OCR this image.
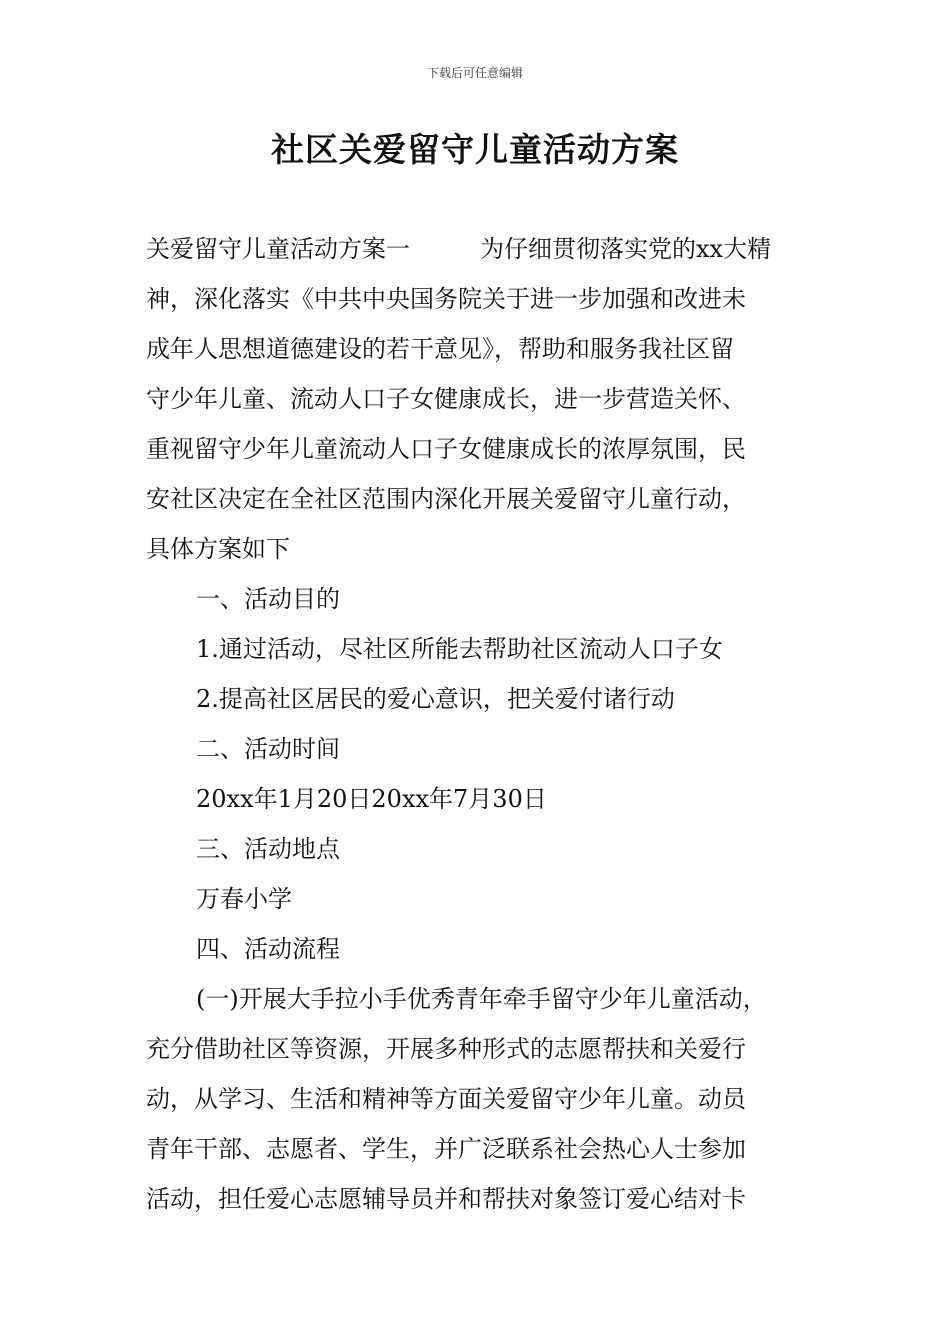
下载后可任意编辑
社区关爱留守儿童活动方案

关爱留守儿童活动方案一	为仔细贯彻落实党的xx大精

神，深化落实《中共中央国务院关于进一步加强和改进未

成年人思想道德建设的若干意见》，帮助和服务我社区留

守少年儿童、流动人口子女健康成长，进一步营造关怀、

重视留守少年儿童流动人口子女健康成长的浓厚氛围，民

安社区决定在全社区范围内深化开展关爱留守儿童行动，

具体方案如下

一、活动目的

1.通过活动，尽社区所能去帮助社区流动人口子女

2.提高社区居民的爱心意识，把关爱付诸行动

二、活动时间

20xx年1月20日20xx年7月30日

三、活动地点

万春小学

四、活动流程

(一)开展大手拉小手优秀青年牵手留守少年儿童活动，

充分借助社区等资源，开展多种形式的志愿帮扶和关爱行

动，从学习、生活和精神等方面关爱留守少年儿童。动员

青年干部、志愿者、学生，并广泛联系社会热心人士参加

活动，担任爱心志愿辅导员并和帮扶对象签订爱心结对卡
